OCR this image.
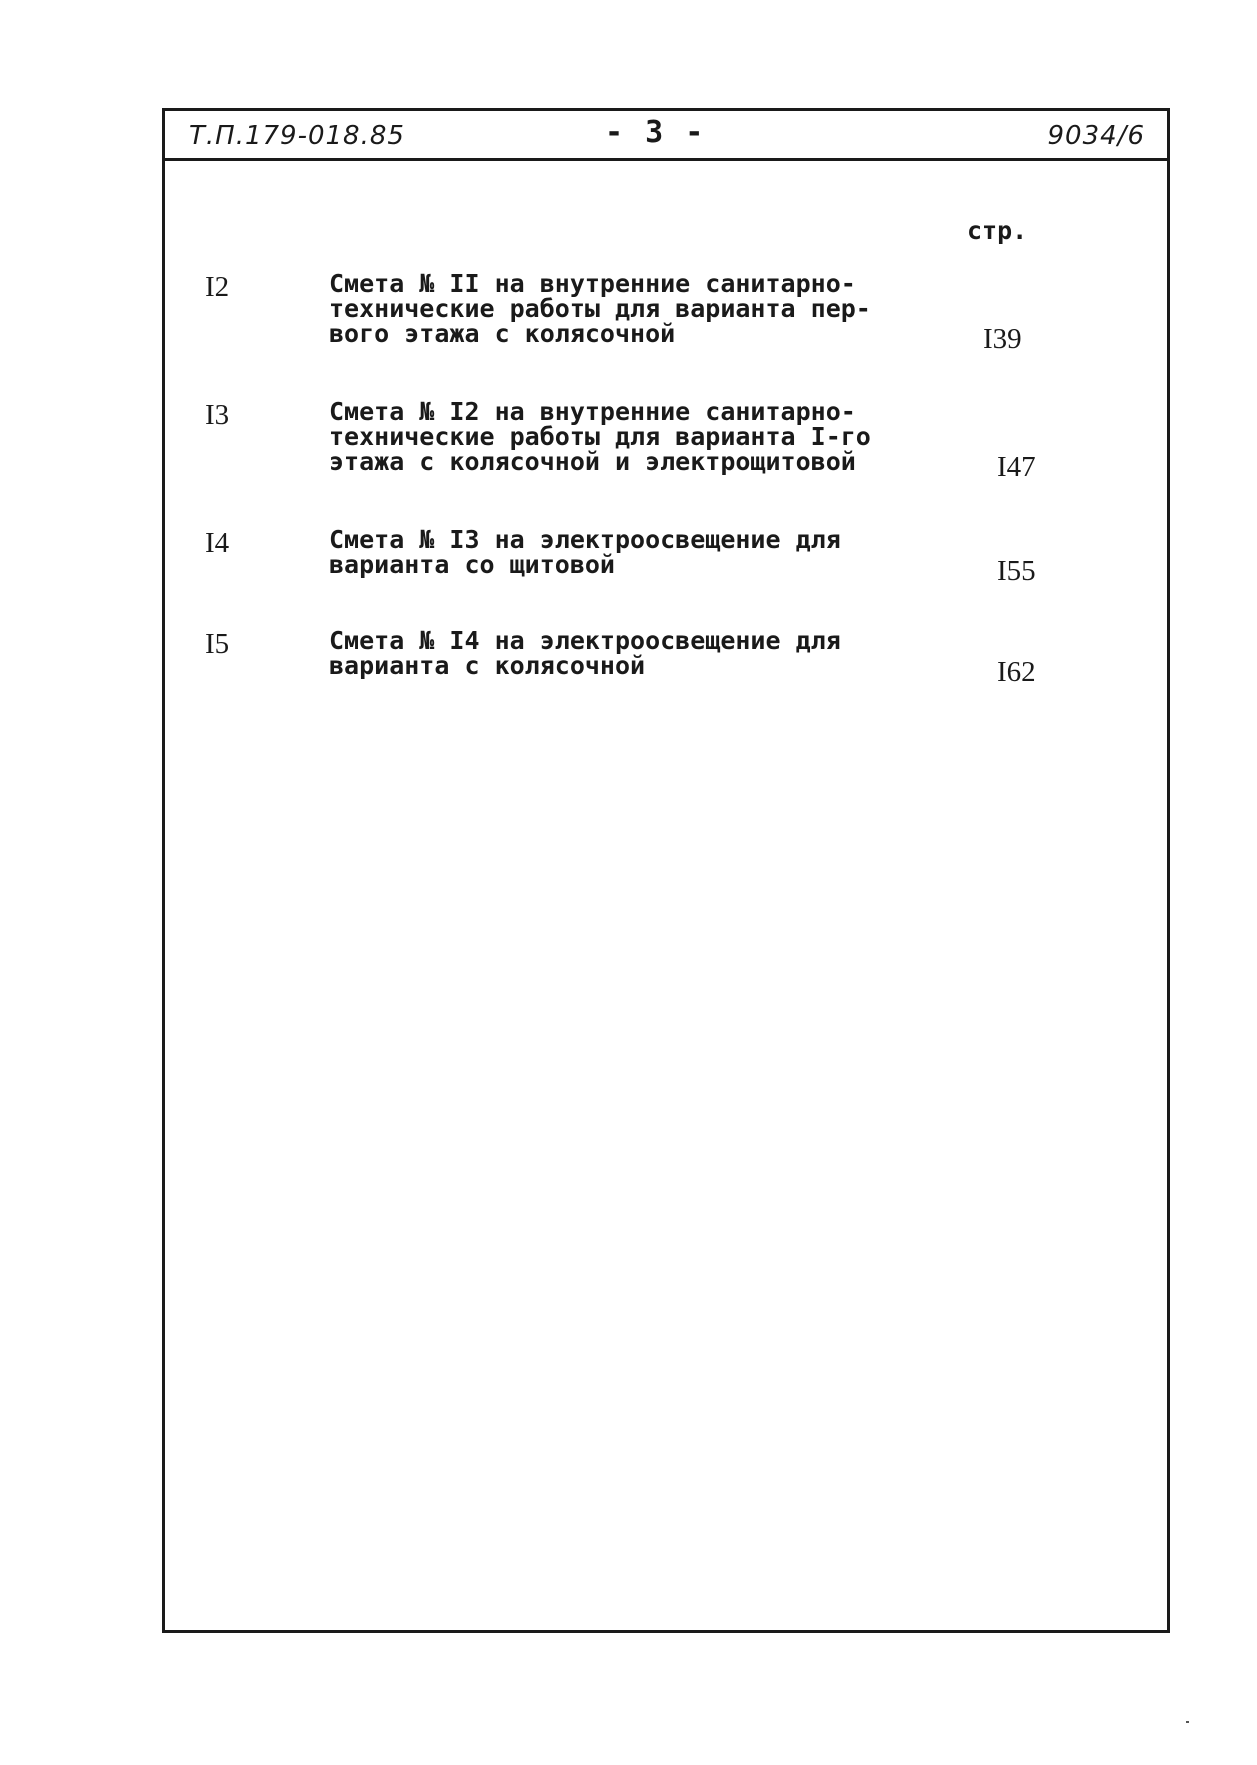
Т.П.179-018.85	- 3 -	9034/6
стр.
I2	Смета № II на внутренние санитарно-
технические работы для варианта пер-
вого этажа с колясочной	I39
I3	Смета № I2 на внутренние санитарно-
технические работы для варианта I-го
этажа с колясочной и электрощитовой	I47
I4	Смета № I3 на электроосвещение для
варианта со щитовой	I55
I5	Смета № I4 на электроосвещение для
варианта с колясочной	I62
